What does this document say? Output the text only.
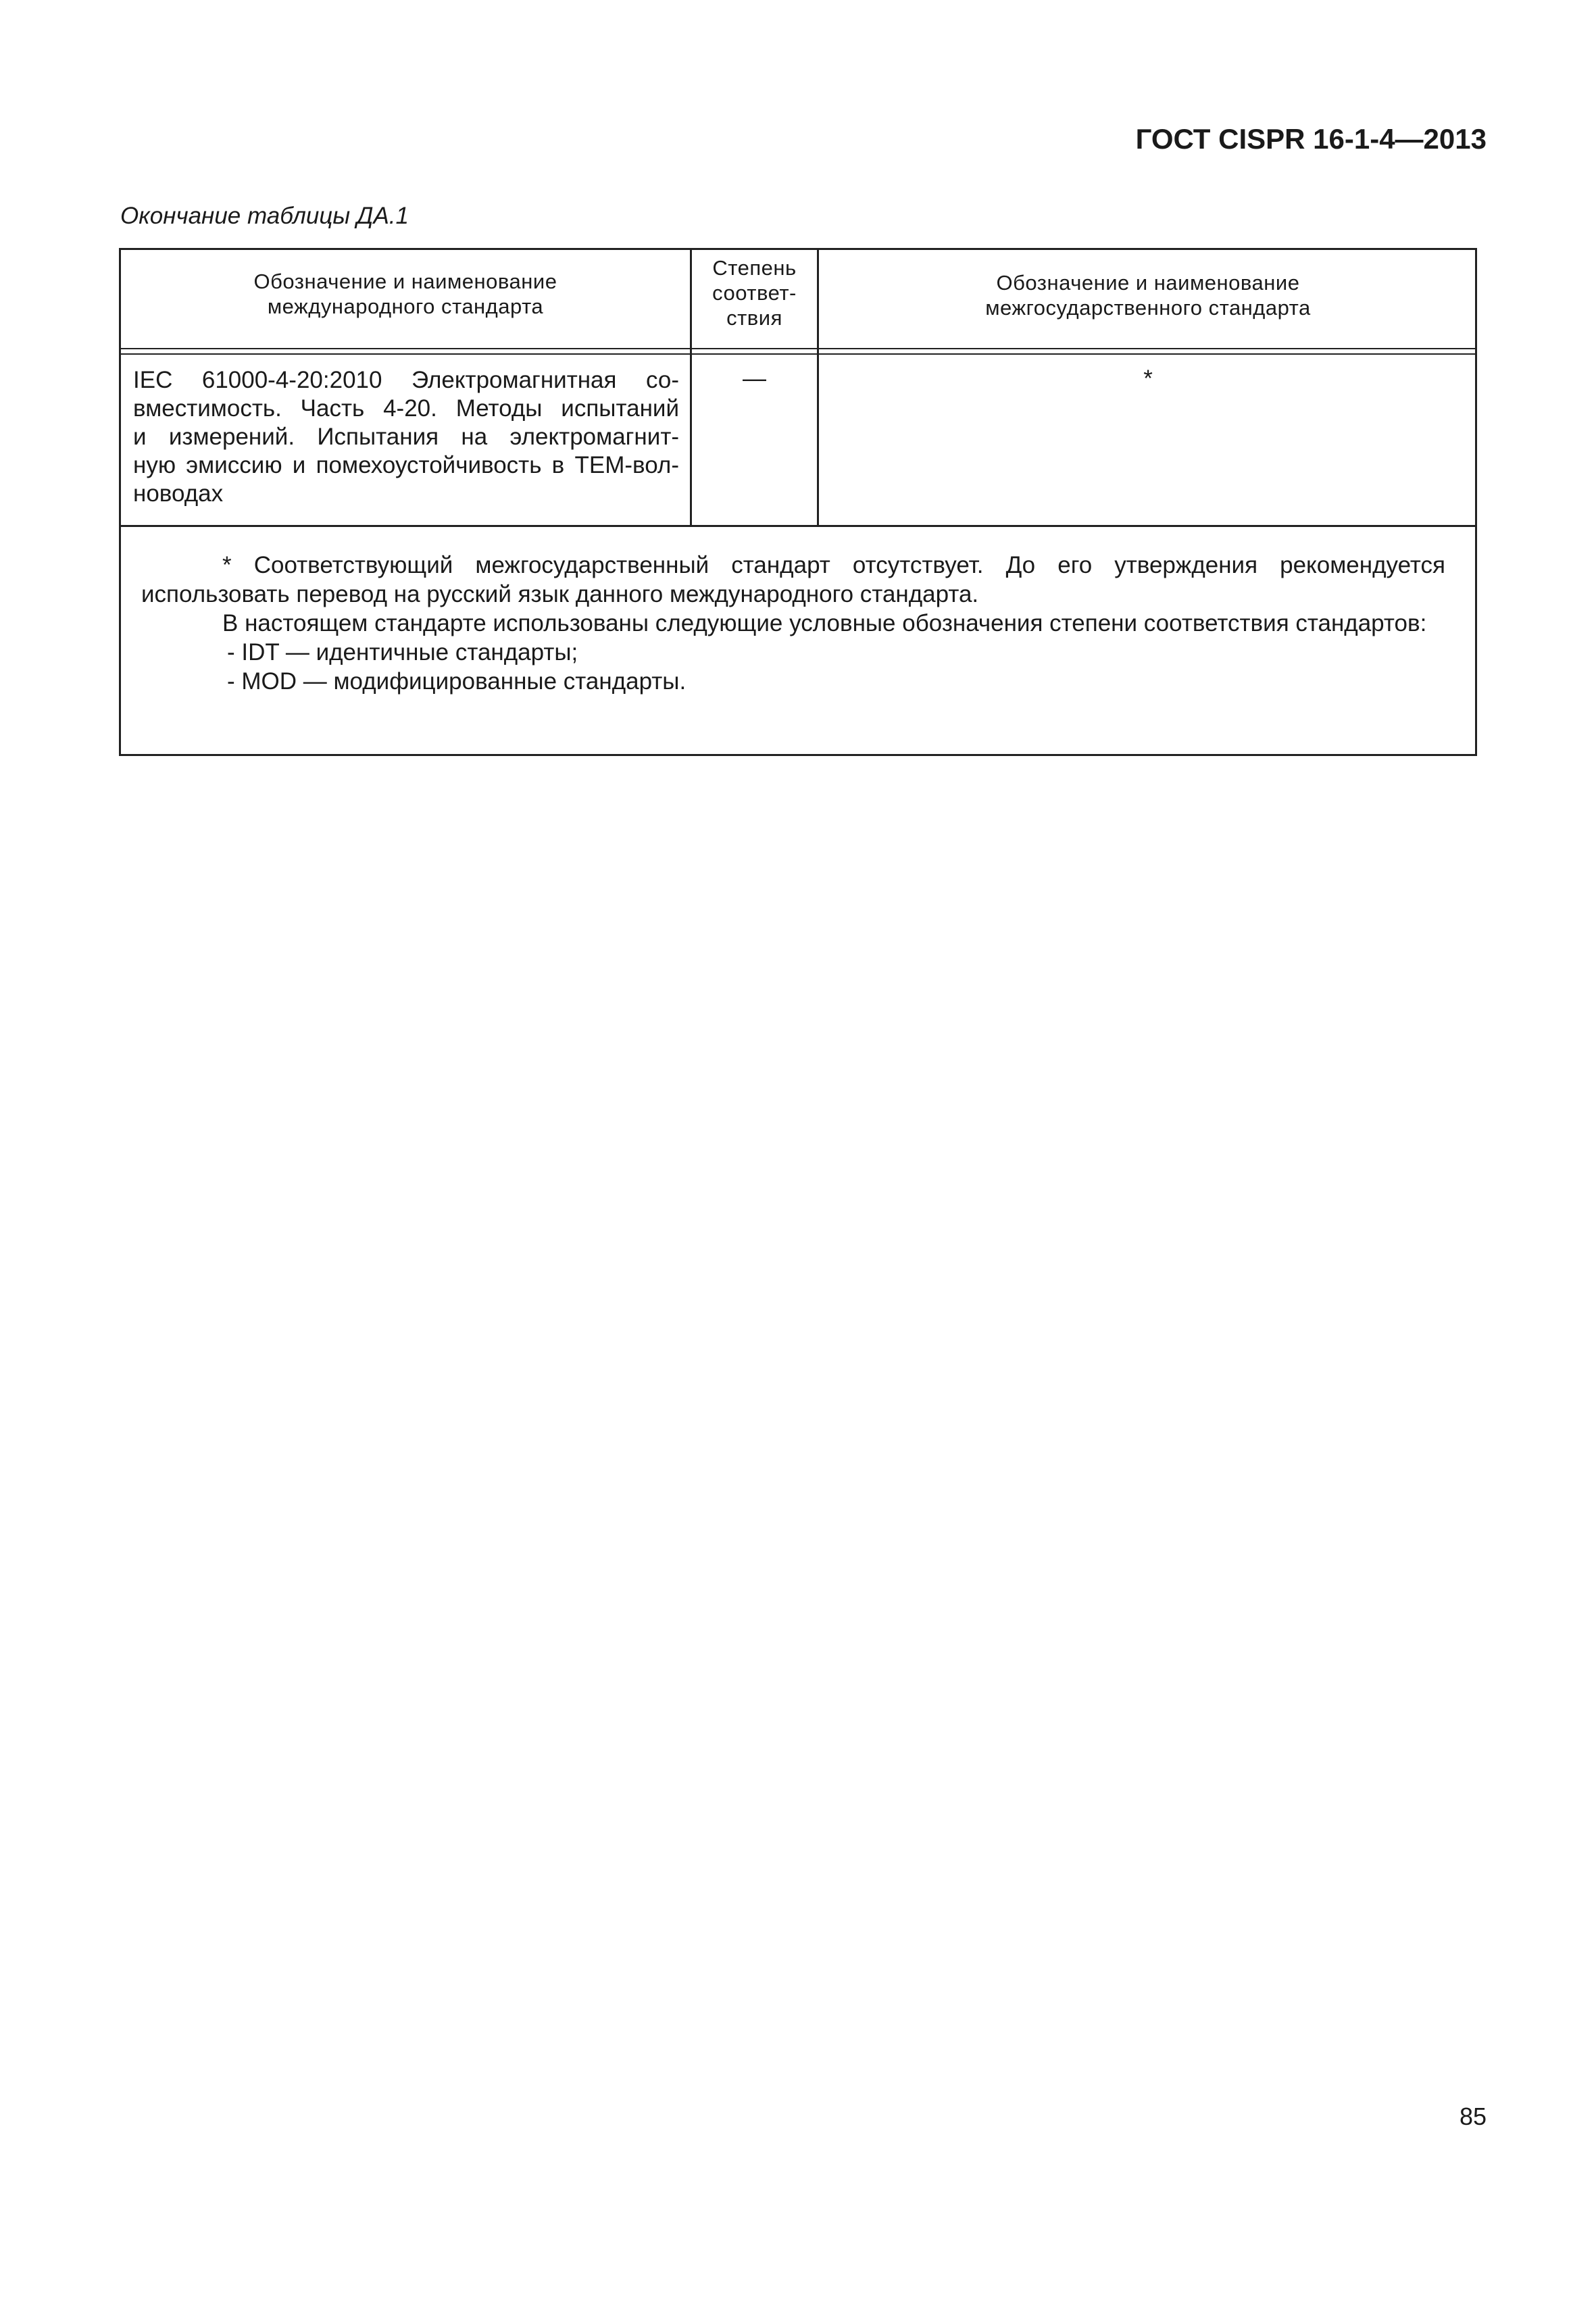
ГОСТ CISPR 16-1-4—2013
Окончание таблицы ДА.1
Обозначение и наименование
международного стандарта
Степень
соответ-
ствия
Обозначение и наименование
межгосударственного стандарта
IEC 61000-4-20:2010 Электромагнитная со-
вместимость. Часть 4-20. Методы испытаний
и измерений. Испытания на электромагнит-
ную эмиссию и помехоустойчивость в ТЕМ-вол-
новодах
—	*

* Соответствующий межгосударственный стандарт отсутствует. До его утверждения рекомендуется использовать перевод на русский язык данного международного стандарта.

В настоящем стандарте использованы следующие условные обозначения степени соответствия стандартов:

- IDT — идентичные стандарты;

- MOD — модифицированные стандарты.

85
